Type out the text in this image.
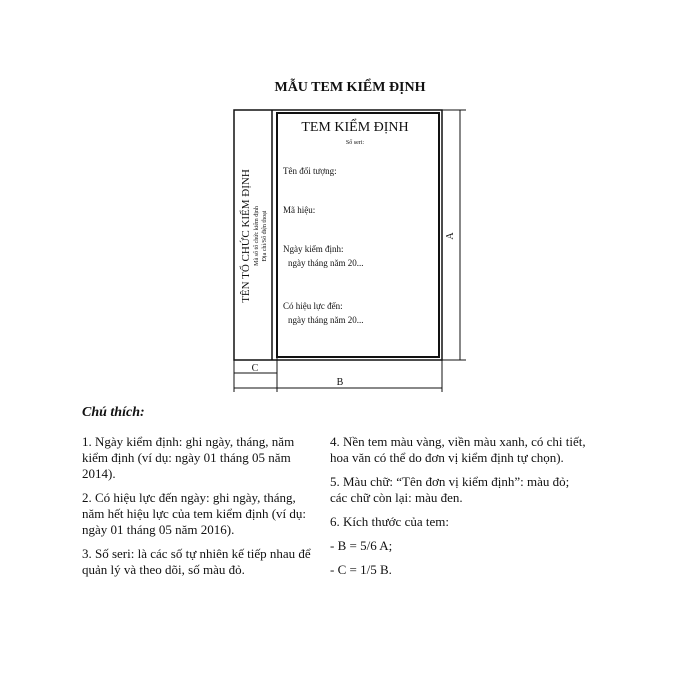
MẪU TEM KIỂM ĐỊNH
TEM KIỂM ĐỊNH
Số seri:
Tên đối tượng:
Mã hiệu:
Ngày kiểm định:
ngày tháng năm 20...
Có hiệu lực đến:
ngày tháng năm 20...
TÊN TỔ CHỨC KIỂM ĐỊNH Mã số tổ chức kiểm định Địa chỉ/Số điện thoại	A
C
B
Chú thích:

1. Ngày kiểm định: ghi ngày, tháng, năm kiểm định (ví dụ: ngày 01 tháng 05 năm 2014).

2. Có hiệu lực đến ngày: ghi ngày, tháng, năm hết hiệu lực của tem kiểm định (ví dụ: ngày 01 tháng 05 năm 2016).

3. Số seri: là các số tự nhiên kế tiếp nhau để quản lý và theo dõi, số màu đỏ.

4. Nền tem màu vàng, viền màu xanh, có chi tiết, hoa văn có thể do đơn vị kiểm định tự chọn).

5. Màu chữ: “Tên đơn vị kiểm định”: màu đỏ; các chữ còn lại: màu đen.

6. Kích thước của tem:

- B = 5/6 A;

- C = 1/5 B.
